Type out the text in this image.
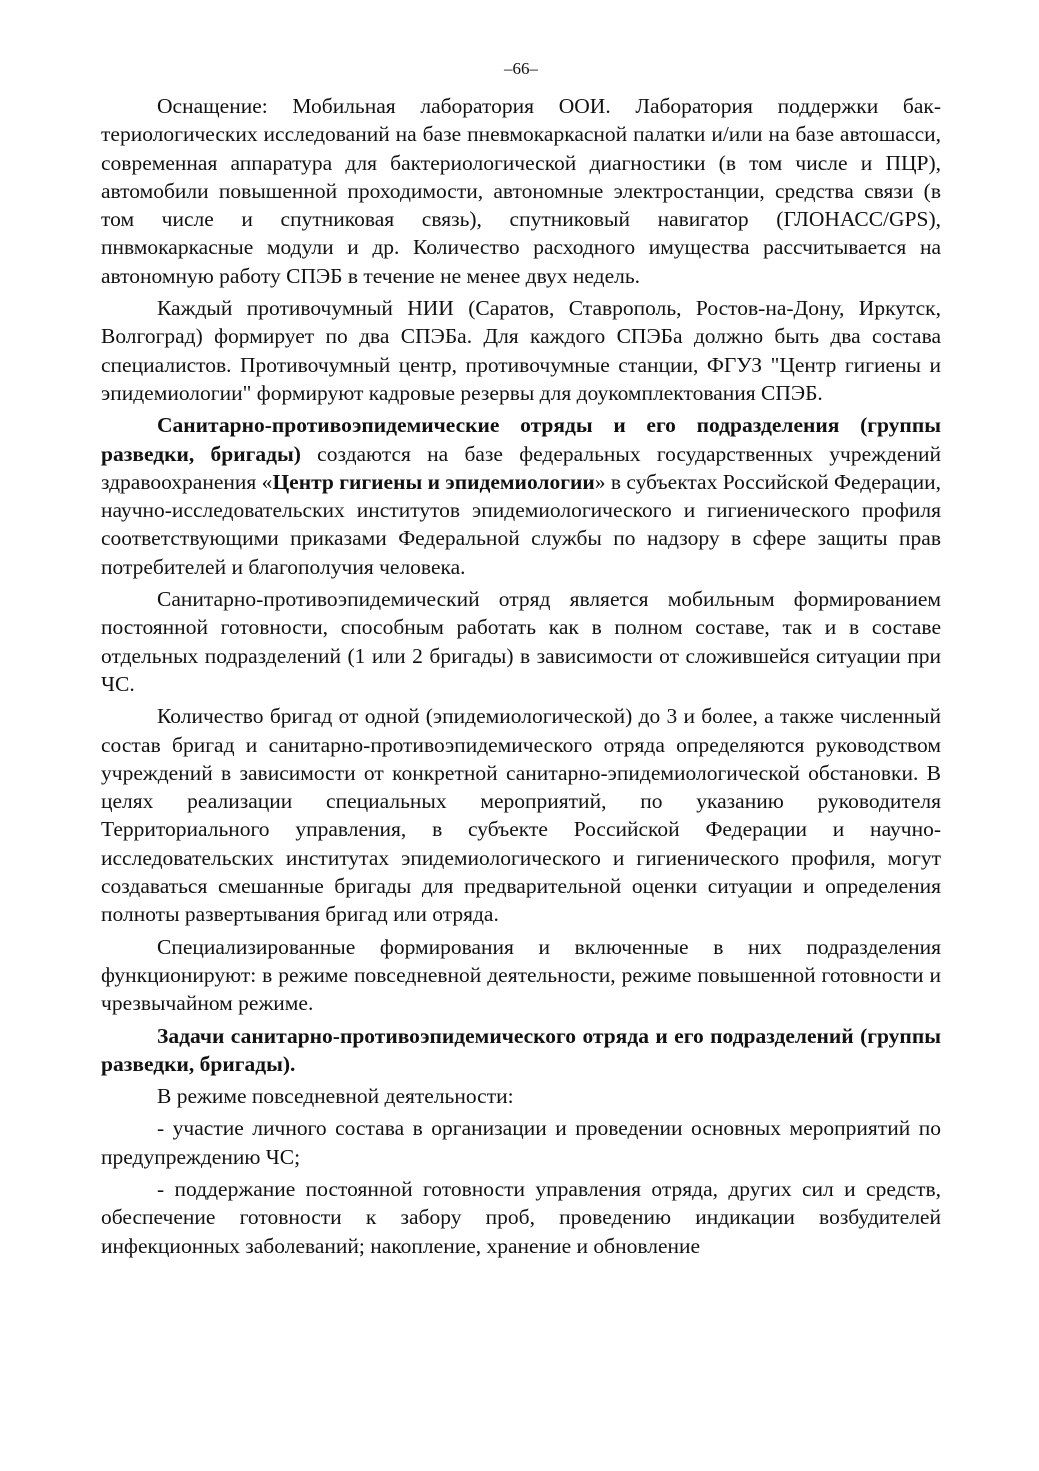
–66–

Оснащение: Мобильная лаборатория ООИ. Лаборатория поддержки бактериологических исследований на базе пневмокаркасной палатки и/или на базе автошасси, современная аппаратура для бактериологической диагностики (в том числе и ПЦР), автомобили повышенной проходимости, автономные электростанции, средства связи (в том числе и спутниковая связь), спутниковый навигатор (ГЛОНАСС/GPS), пнвмокаркасные модули и др. Количество расходного имущества рассчитывается на автономную работу СПЭБ в течение не менее двух недель.

Каждый противочумный НИИ (Саратов, Ставрополь, Ростов-на-Дону, Иркутск, Волгоград) формирует по два СПЭБа. Для каждого СПЭБа должно быть два состава специалистов. Противочумный центр, противочумные станции, ФГУЗ "Центр гигиены и эпидемиологии" формируют кадровые резервы для доукомплектования СПЭБ.

Санитарно-противоэпидемические отряды и его подразделения (группы разведки, бригады) создаются на базе федеральных государственных учреждений здравоохранения «Центр гигиены и эпидемиологии» в субъектах Российской Федерации, научно-исследовательских институтов эпидемиологического и гигиенического профиля соответствующими приказами Федеральной службы по надзору в сфере защиты прав потребителей и благополучия человека.

Санитарно-противоэпидемический отряд является мобильным формированием постоянной готовности, способным работать как в полном составе, так и в составе отдельных подразделений (1 или 2 бригады) в зависимости от сложившейся ситуации при ЧС.

Количество бригад от одной (эпидемиологической) до 3 и более, а также численный состав бригад и санитарно-противоэпидемического отряда определяются руководством учреждений в зависимости от конкретной санитарно-эпидемиологической обстановки. В целях реализации специальных мероприятий, по указанию руководителя Территориального управления, в субъекте Российской Федерации и научно-исследовательских институтах эпидемиологического и гигиенического профиля, могут создаваться смешанные бригады для предварительной оценки ситуации и определения полноты развертывания бригад или отряда.

Специализированные формирования и включенные в них подразделения функционируют: в режиме повседневной деятельности, режиме повышенной готовности и чрезвычайном режиме.

Задачи санитарно-противоэпидемического отряда и его подразделений (группы разведки, бригады).

В режиме повседневной деятельности:

- участие личного состава в организации и проведении основных мероприятий по предупреждению ЧС;

- поддержание постоянной готовности управления отряда, других сил и средств, обеспечение готовности к забору проб, проведению индикации возбудителей инфекционных заболеваний; накопление, хранение и обновление
